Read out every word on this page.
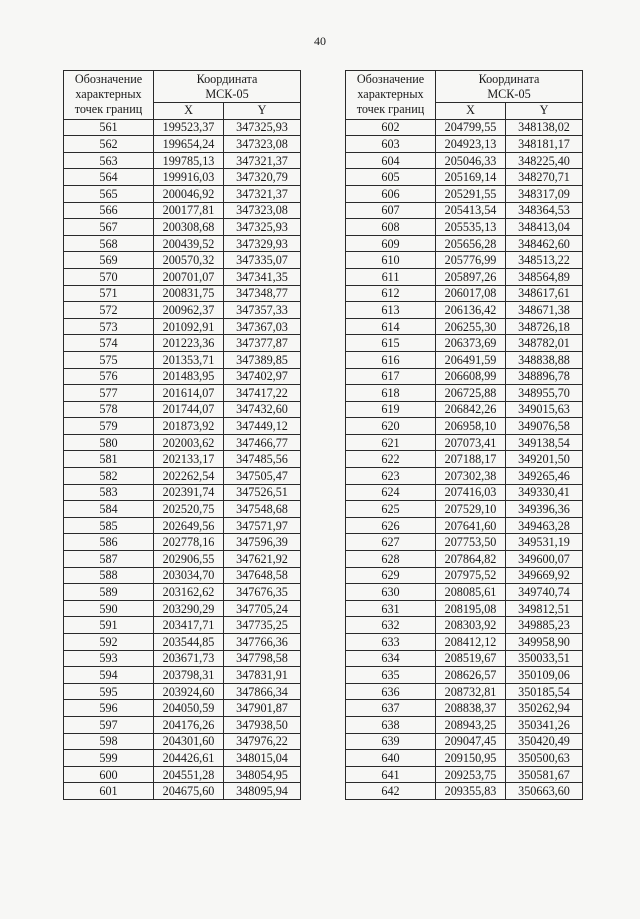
40
Обозначение характерных точек границ	Координата
МСК-05	

	X	Y
561	199523,37	347325,93
562	199654,24	347323,08
563	199785,13	347321,37
564	199916,03	347320,79
565	200046,92	347321,37
566	200177,81	347323,08
567	200308,68	347325,93
568	200439,52	347329,93
569	200570,32	347335,07
570	200701,07	347341,35
571	200831,75	347348,77
572	200962,37	347357,33
573	201092,91	347367,03
574	201223,36	347377,87
575	201353,71	347389,85
576	201483,95	347402,97
577	201614,07	347417,22
578	201744,07	347432,60
579	201873,92	347449,12
580	202003,62	347466,77
581	202133,17	347485,56
582	202262,54	347505,47
583	202391,74	347526,51
584	202520,75	347548,68
585	202649,56	347571,97
586	202778,16	347596,39
587	202906,55	347621,92
588	203034,70	347648,58
589	203162,62	347676,35
590	203290,29	347705,24
591	203417,71	347735,25
592	203544,85	347766,36
593	203671,73	347798,58
594	203798,31	347831,91
595	203924,60	347866,34
596	204050,59	347901,87
597	204176,26	347938,50
598	204301,60	347976,22
599	204426,61	348015,04
600	204551,28	348054,95
601	204675,60	348095,94
Обозначение характерных точек границ	Координата
МСК-05	

	X	Y
602	204799,55	348138,02
603	204923,13	348181,17
604	205046,33	348225,40
605	205169,14	348270,71
606	205291,55	348317,09
607	205413,54	348364,53
608	205535,13	348413,04
609	205656,28	348462,60
610	205776,99	348513,22
611	205897,26	348564,89
612	206017,08	348617,61
613	206136,42	348671,38
614	206255,30	348726,18
615	206373,69	348782,01
616	206491,59	348838,88
617	206608,99	348896,78
618	206725,88	348955,70
619	206842,26	349015,63
620	206958,10	349076,58
621	207073,41	349138,54
622	207188,17	349201,50
623	207302,38	349265,46
624	207416,03	349330,41
625	207529,10	349396,36
626	207641,60	349463,28
627	207753,50	349531,19
628	207864,82	349600,07
629	207975,52	349669,92
630	208085,61	349740,74
631	208195,08	349812,51
632	208303,92	349885,23
633	208412,12	349958,90
634	208519,67	350033,51
635	208626,57	350109,06
636	208732,81	350185,54
637	208838,37	350262,94
638	208943,25	350341,26
639	209047,45	350420,49
640	209150,95	350500,63
641	209253,75	350581,67
642	209355,83	350663,60
